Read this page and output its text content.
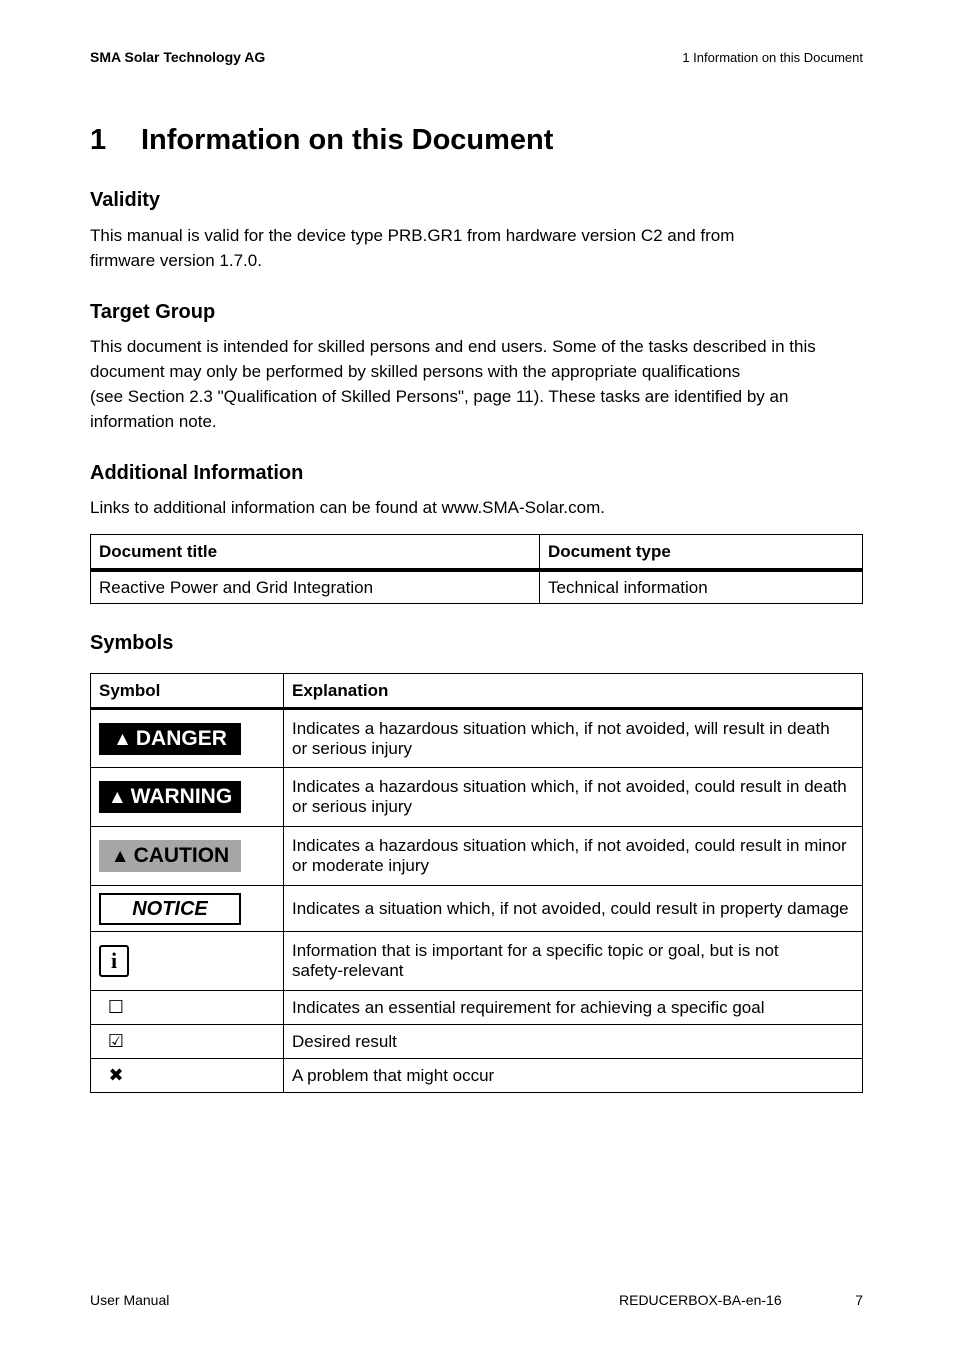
SMA Solar Technology AG	1 Information on this Document
1 Information on this Document
Validity

This manual is valid for the device type PRB.GR1 from hardware version C2 and from
firmware version 1.7.0.

Target Group

This document is intended for skilled persons and end users. Some of the tasks described in this
document may only be performed by skilled persons with the appropriate qualifications
(see Section 2.3 "Qualification of Skilled Persons", page 11). These tasks are identified by an
information note.

Additional Information

Links to additional information can be found at www.SMA-Solar.com.

Document title	Document type
Reactive Power and Grid Integration	Technical information
Symbols
Symbol	Explanation
▲ DANGER	Indicates a hazardous situation which, if not avoided, will result in death
or serious injury
▲ WARNING	Indicates a hazardous situation which, if not avoided, could result in death
or serious injury
▲ CAUTION	Indicates a hazardous situation which, if not avoided, could result in minor
or moderate injury
NOTICE	Indicates a situation which, if not avoided, could result in property damage
i	Information that is important for a specific topic or goal, but is not
safety-relevant
☐	Indicates an essential requirement for achieving a specific goal
☑	Desired result
✖	A problem that might occur
User Manual	REDUCERBOX-BA-en-16	7
